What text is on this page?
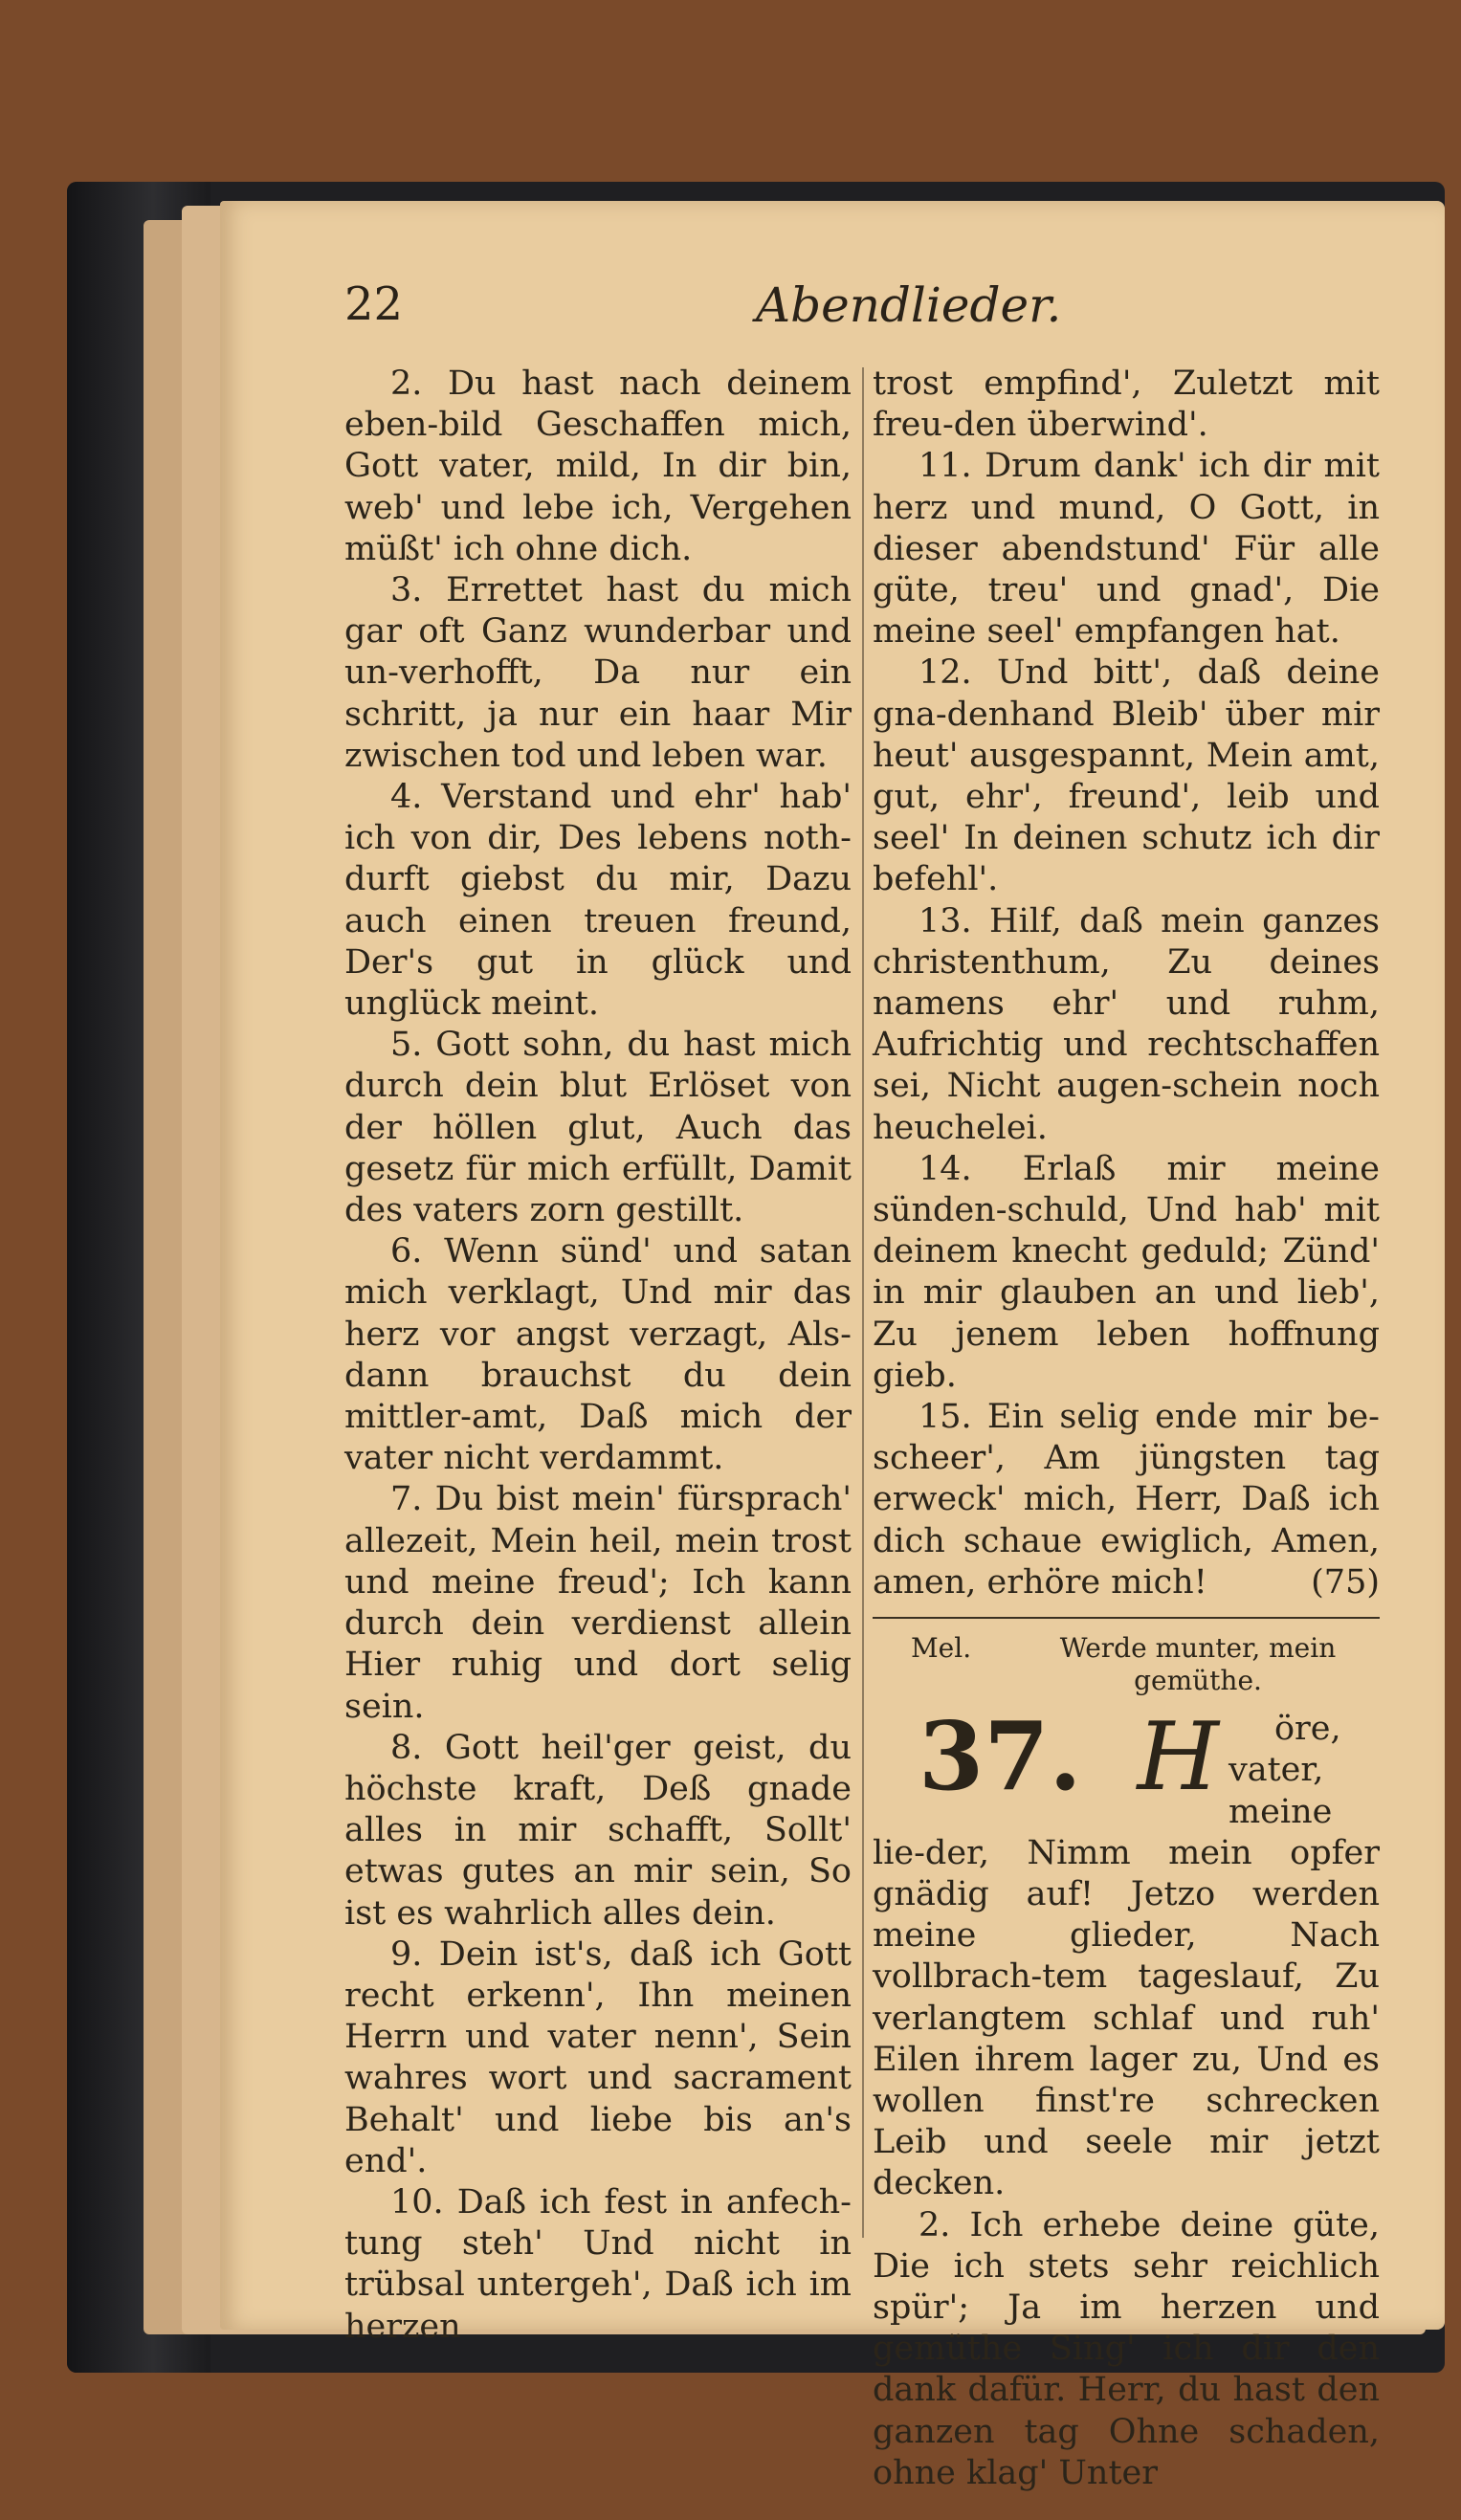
22	Abendlieder.

2. Du hast nach deinem eben-bild Geschaffen mich, Gott vater, mild, In dir bin, web' und lebe ich, Vergehen müßt' ich ohne dich.

3. Errettet hast du mich gar oft Ganz wunderbar und un-verhofft, Da nur ein schritt, ja nur ein haar Mir zwischen tod und leben war.

4. Verstand und ehr' hab' ich von dir, Des lebens noth-durft giebst du mir, Dazu auch einen treuen freund, Der's gut in glück und unglück meint.

5. Gott sohn, du hast mich durch dein blut Erlöset von der höllen glut, Auch das gesetz für mich erfüllt, Damit des vaters zorn gestillt.

6. Wenn sünd' und satan mich verklagt, Und mir das herz vor angst verzagt, Als-dann brauchst du dein mittler-amt, Daß mich der vater nicht verdammt.

7. Du bist mein' fürsprach' allezeit, Mein heil, mein trost und meine freud'; Ich kann durch dein verdienst allein Hier ruhig und dort selig sein.

8. Gott heil'ger geist, du höchste kraft, Deß gnade alles in mir schafft, Sollt' etwas gutes an mir sein, So ist es wahrlich alles dein.

9. Dein ist's, daß ich Gott recht erkenn', Ihn meinen Herrn und vater nenn', Sein wahres wort und sacrament Behalt' und liebe bis an's end'.

10. Daß ich fest in anfech-tung steh' Und nicht in trübsal untergeh', Daß ich im herzen

trost empfind', Zuletzt mit freu-den überwind'.

11. Drum dank' ich dir mit herz und mund, O Gott, in dieser abendstund' Für alle güte, treu' und gnad', Die meine seel' empfangen hat.

12. Und bitt', daß deine gna-denhand Bleib' über mir heut' ausgespannt, Mein amt, gut, ehr', freund', leib und seel' In deinen schutz ich dir befehl'.

13. Hilf, daß mein ganzes christenthum, Zu deines namens ehr' und ruhm, Aufrichtig und rechtschaffen sei, Nicht augen-schein noch heuchelei.

14. Erlaß mir meine sünden-schuld, Und hab' mit deinem knecht geduld; Zünd' in mir glauben an und lieb', Zu jenem leben hoffnung gieb.

15. Ein selig ende mir be-scheer', Am jüngsten tag erweck' mich, Herr, Daß ich dich schaue ewiglich, Amen, amen, erhöre mich!	(75)

Mel.	Werde munter, mein gemüthe.

37. H öre, vater, meine lie-der, Nimm mein opfer gnädig auf! Jetzo werden meine glieder, Nach vollbrach-tem tageslauf, Zu verlangtem schlaf und ruh' Eilen ihrem lager zu, Und es wollen finst're schrecken Leib und seele mir jetzt decken.

2. Ich erhebe deine güte, Die ich stets sehr reichlich spür'; Ja im herzen und gemüthe Sing' ich dir den dank dafür. Herr, du hast den ganzen tag Ohne schaden, ohne klag' Unter
